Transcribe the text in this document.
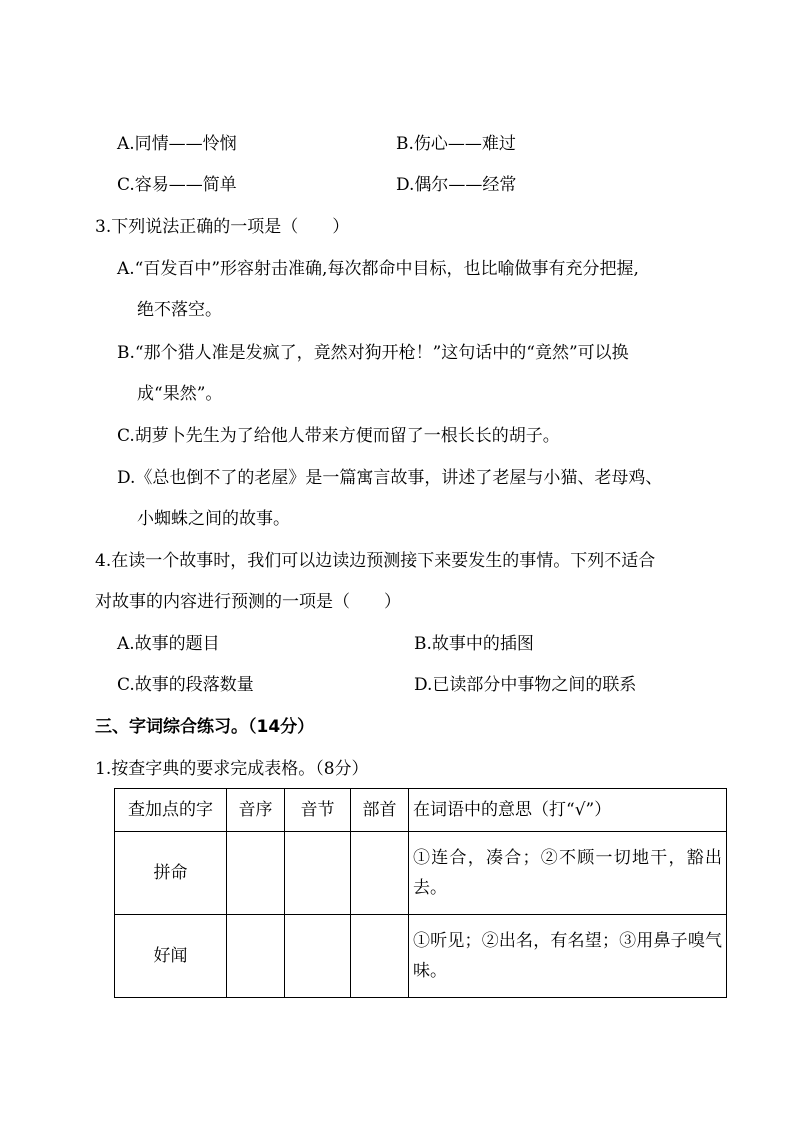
A.同情——怜悯	B.伤心——难过
C.容易——简单	D.偶尔——经常
3.下列说法正确的一项是（　　）
A.“百发百中”形容射击准确,每次都命中目标，也比喻做事有充分把握,
绝不落空。
B.“那个猎人准是发疯了，竟然对狗开枪！”这句话中的“竟然”可以换
成“果然”。
C.胡萝卜先生为了给他人带来方便而留了一根长长的胡子。
D.《总也倒不了的老屋》是一篇寓言故事，讲述了老屋与小猫、老母鸡、
小蜘蛛之间的故事。
4.在读一个故事时，我们可以边读边预测接下来要发生的事情。下列不适合
对故事的内容进行预测的一项是（　　）
A.故事的题目	B.故事中的插图
C.故事的段落数量	D.已读部分中事物之间的联系
三、字词综合练习。（14分）
1.按查字典的要求完成表格。（8分）
查加点的字	音序	音节	部首	在词语中的意思（打“√”）
拼命				①连合，凑合；②不顾一切地干，豁出去。
好闻				①听见；②出名，有名望；③用鼻子嗅气味。
